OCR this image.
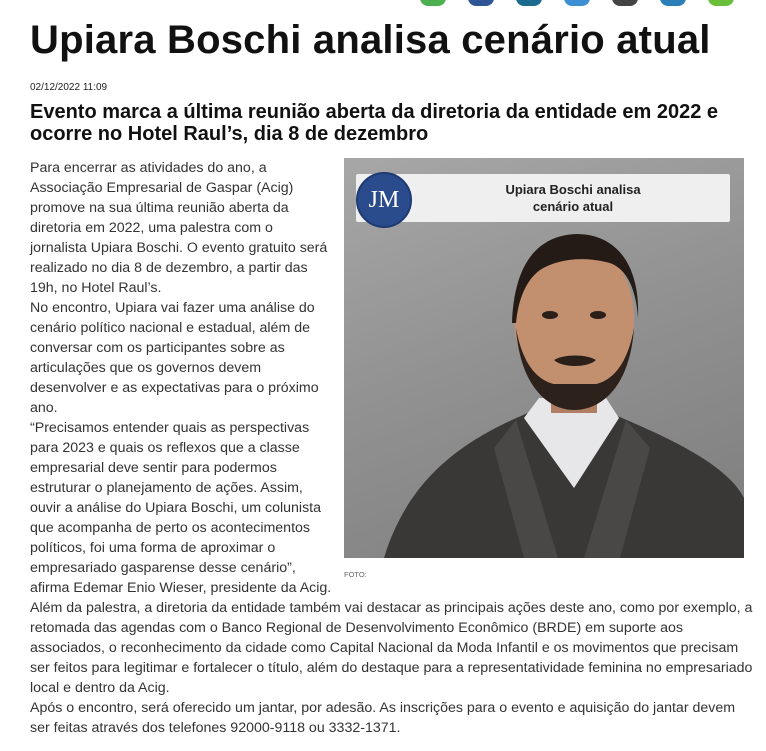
Upiara Boschi analisa cenário atual
02/12/2022 11:09
Evento marca a última reunião aberta da diretoria da entidade em 2022 e ocorre no Hotel Raul’s, dia 8 de dezembro
JM	Upiara Boschi analisa
cenário atual
FOTO:

Para encerrar as atividades do ano, a Associação Empresarial de Gaspar (Acig) promove na sua última reunião aberta da diretoria em 2022, uma palestra com o jornalista Upiara Boschi. O evento gratuito será realizado no dia 8 de dezembro, a partir das 19h, no Hotel Raul’s.

No encontro, Upiara vai fazer uma análise do cenário político nacional e estadual, além de conversar com os participantes sobre as articulações que os governos devem desenvolver e as expectativas para o próximo ano.

“Precisamos entender quais as perspectivas para 2023 e quais os reflexos que a classe empresarial deve sentir para podermos estruturar o planejamento de ações. Assim, ouvir a análise do Upiara Boschi, um colunista que acompanha de perto os acontecimentos políticos, foi uma forma de aproximar o empresariado gasparense desse cenário”, afirma Edemar Enio Wieser, presidente da Acig.

Além da palestra, a diretoria da entidade também vai destacar as principais ações deste ano, como por exemplo, a retomada das agendas com o Banco Regional de Desenvolvimento Econômico (BRDE) em suporte aos associados, o reconhecimento da cidade como Capital Nacional da Moda Infantil e os movimentos que precisam ser feitos para legitimar e fortalecer o título, além do destaque para a representatividade feminina no empresariado local e dentro da Acig.

Após o encontro, será oferecido um jantar, por adesão. As inscrições para o evento e aquisição do jantar devem ser feitas através dos telefones 92000-9118 ou 3332-1371.
